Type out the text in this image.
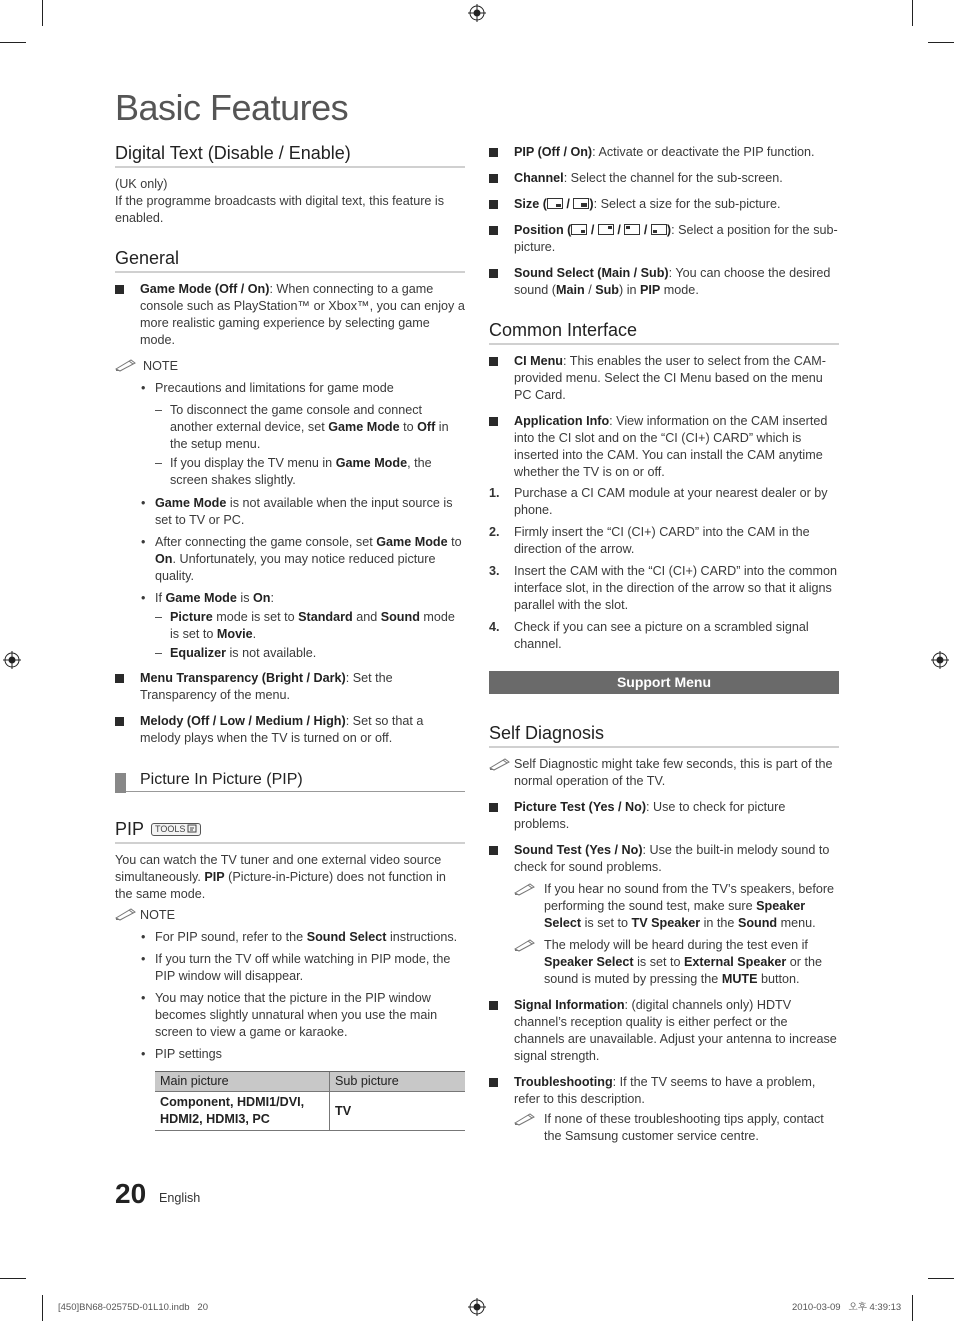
Basic Features
Digital Text (Disable / Enable)

(UK only)

If the programme broadcasts with digital text, this feature is enabled.

General
Game Mode (Off / On): When connecting to a game console such as PlayStation™ or Xbox™, you can enjoy a more realistic gaming experience by selecting game mode.
NOTE
• Precautions and limitations for game mode
– To disconnect the game console and connect another external device, set Game Mode to Off in the setup menu.
– If you display the TV menu in Game Mode, the screen shakes slightly.
• Game Mode is not available when the input source is set to TV or PC.
• After connecting the game console, set Game Mode to On. Unfortunately, you may notice reduced picture quality.
• If Game Mode is On:
– Picture mode is set to Standard and Sound mode is set to Movie.
– Equalizer is not available.
Menu Transparency (Bright / Dark): Set the Transparency of the menu.
Melody (Off / Low / Medium / High): Set so that a melody plays when the TV is turned on or off.
Picture In Picture (PIP)
PIP TOOLS

You can watch the TV tuner and one external video source simultaneously. PIP (Picture-in-Picture) does not function in the same mode.

NOTE
• For PIP sound, refer to the Sound Select instructions.
• If you turn the TV off while watching in PIP mode, the PIP window will disappear.
• You may notice that the picture in the PIP window becomes slightly unnatural when you use the main screen to view a game or karaoke.
• PIP settings
Main picture	Sub picture
Component, HDMI1/DVI, HDMI2, HDMI3, PC	TV
PIP (Off / On): Activate or deactivate the PIP function.
Channel: Select the channel for the sub-screen.
Size ( / ): Select a size for the sub-picture.
Position ( /  /  / ): Select a position for the sub-picture.
Sound Select (Main / Sub): You can choose the desired sound (Main / Sub) in PIP mode.
Common Interface
CI Menu: This enables the user to select from the CAM-provided menu. Select the CI Menu based on the menu PC Card.
Application Info: View information on the CAM inserted into the CI slot and on the “CI (CI+) CARD” which is inserted into the CAM. You can install the CAM anytime whether the TV is on or off.
1. Purchase a CI CAM module at your nearest dealer or by phone.
2. Firmly insert the “CI (CI+) CARD” into the CAM in the direction of the arrow.
3. Insert the CAM with the “CI (CI+) CARD” into the common interface slot, in the direction of the arrow so that it aligns parallel with the slot.
4. Check if you can see a picture on a scrambled signal channel.
Support Menu
Self Diagnosis
Self Diagnostic might take few seconds, this is part of the normal operation of the TV.
Picture Test (Yes / No): Use to check for picture problems.
Sound Test (Yes / No): Use the built-in melody sound to check for sound problems.
If you hear no sound from the TV’s speakers, before performing the sound test, make sure Speaker Select is set to TV Speaker in the Sound menu.
The melody will be heard during the test even if Speaker Select is set to External Speaker or the sound is muted by pressing the MUTE button.
Signal Information: (digital channels only) HDTV channel’s reception quality is either perfect or the channels are unavailable. Adjust your antenna to increase signal strength.
Troubleshooting: If the TV seems to have a problem, refer to this description.
If none of these troubleshooting tips apply, contact the Samsung customer service centre.
20 English
[450]BN68-02575D-01L10.indb   20	2010-03-09   오후 4:39:13
